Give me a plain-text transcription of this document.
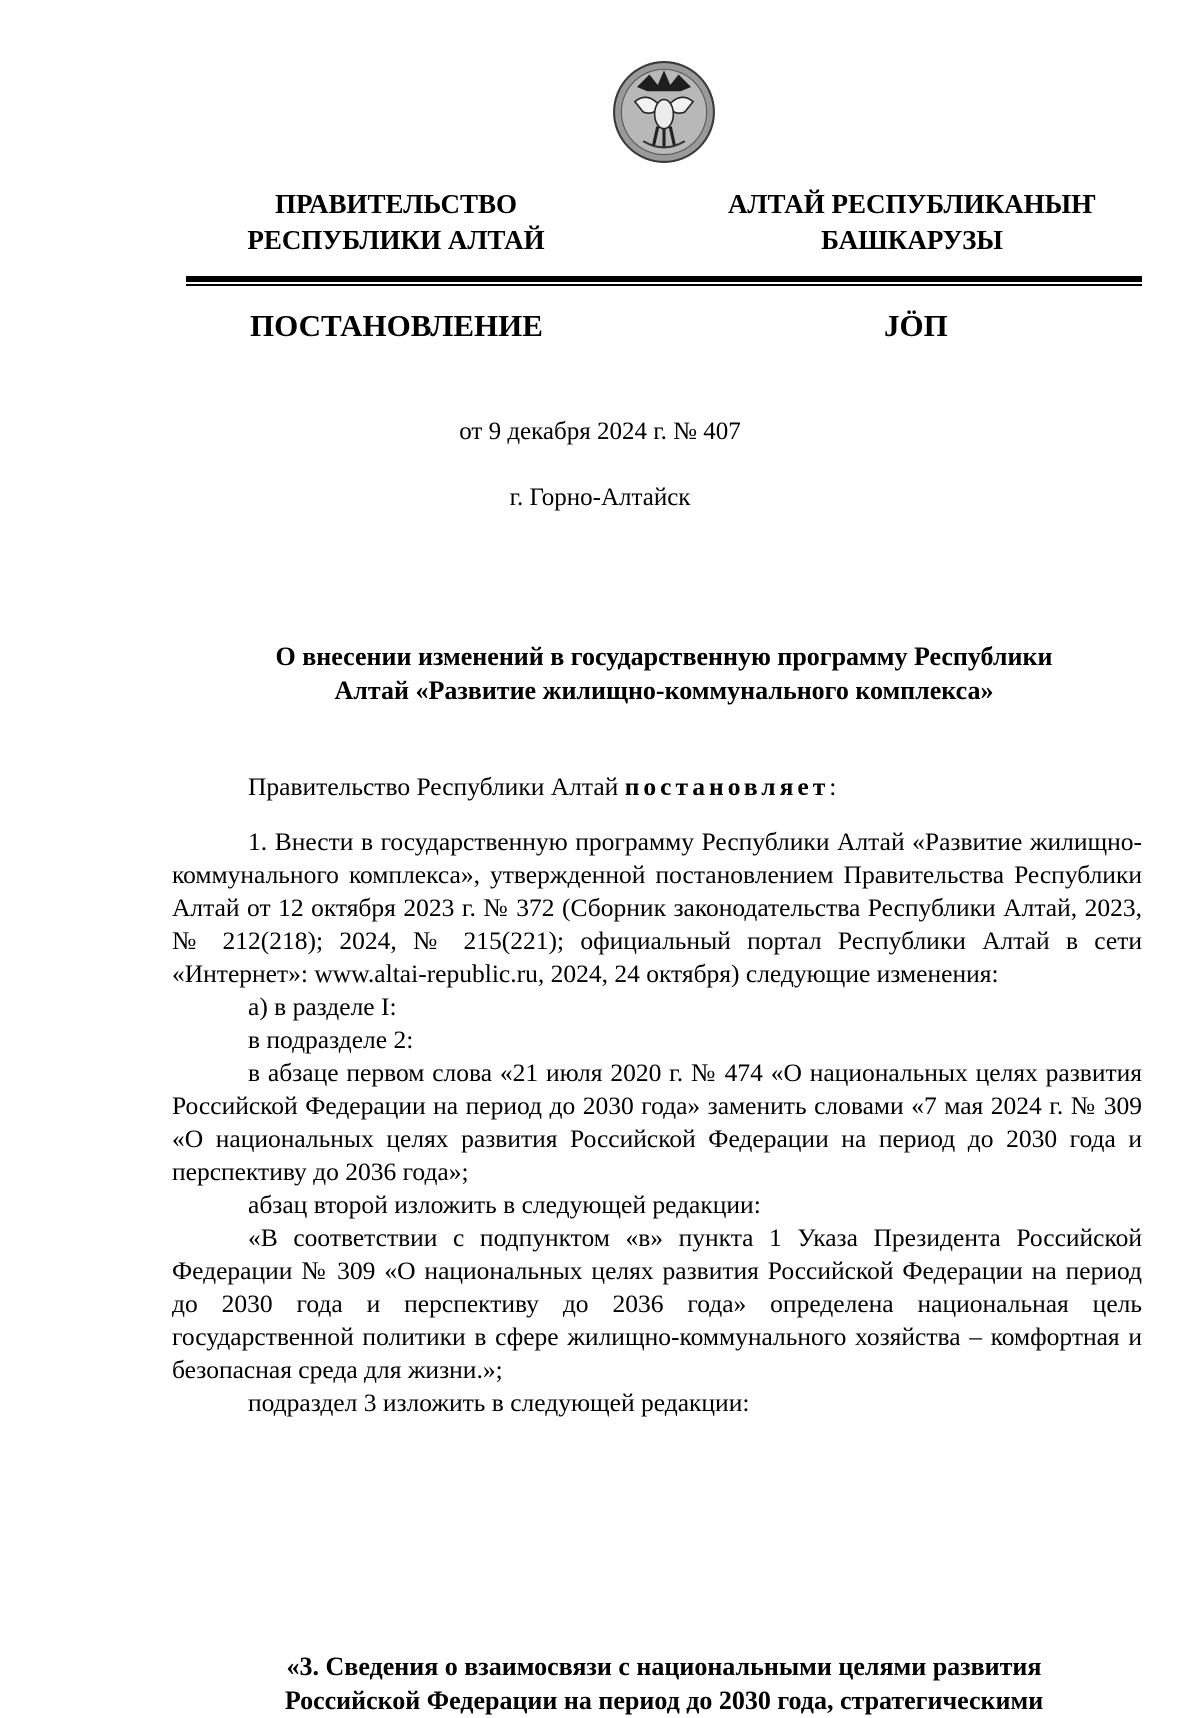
ПРАВИТЕЛЬСТВО
РЕСПУБЛИКИ АЛТАЙ
АЛТАЙ РЕСПУБЛИКАНЫҤ
БАШКАРУЗЫ
ПОСТАНОВЛЕНИЕ	JӦП
от 9 декабря 2024 г. № 407
г. Горно-Алтайск
О внесении изменений в государственную программу Республики
Алтай «Развитие жилищно-коммунального комплекса»

Правительство Республики Алтай постановляет:

1. Внести в государственную программу Республики Алтай «Развитие жилищно-коммунального комплекса», утвержденной постановлением Правительства Республики Алтай от 12 октября 2023 г. № 372 (Сборник законодательства Республики Алтай, 2023, № 212(218); 2024, № 215(221); официальный портал Республики Алтай в сети «Интернет»: www.altai-republic.ru, 2024, 24 октября) следующие изменения:

а) в разделе I:

в подразделе 2:

в абзаце первом слова «21 июля 2020 г. № 474 «О национальных целях развития Российской Федерации на период до 2030 года» заменить словами «7 мая 2024 г. № 309 «О национальных целях развития Российской Федерации на период до 2030 года и перспективу до 2036 года»;

абзац второй изложить в следующей редакции:

«В соответствии с подпунктом «в» пункта 1 Указа Президента Российской Федерации № 309 «О национальных целях развития Российской Федерации на период до 2030 года и перспективу до 2036 года» определена национальная цель государственной политики в сфере жилищно-коммунального хозяйства – комфортная и безопасная среда для жизни.»;

подраздел 3 изложить в следующей редакции:

«3. Сведения о взаимосвязи с национальными целями развития
Российской Федерации на период до 2030 года, стратегическими
